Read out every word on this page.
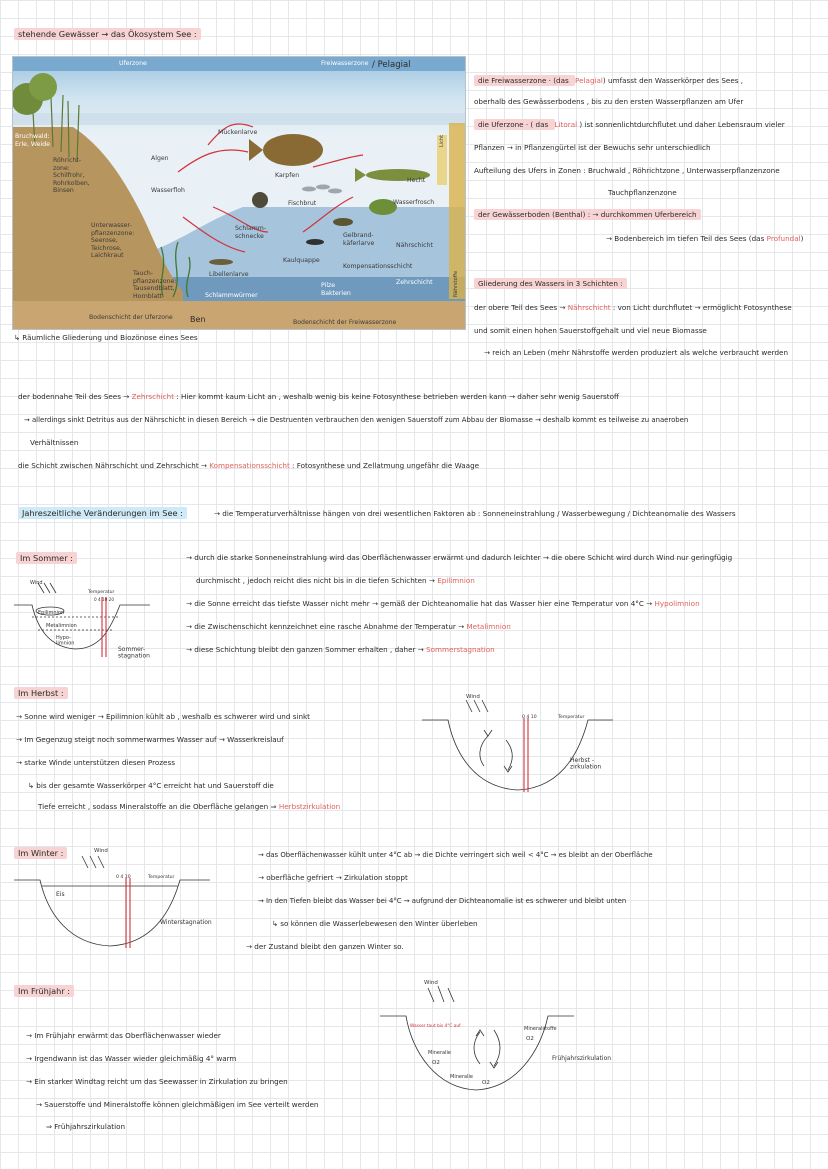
stehende Gewässer → das Ökosystem See :
Uferzone	Freiwasserzone
Bruchwald:
Erle, Weide
Röhricht-
zone:
Schilfrohr,
Rohrkolben,
Binsen
Unterwasser-
pflanzenzone:
Seerose,
Teichrose,
Laichkraut
Tauch-
pflanzenzone:
Tausendblatt,
Hornblatt
Algen
Mückenlarve
Karpfen
Hecht
Wasserfloh
Fischbrut	Wasserfrosch
Schlamm-
schnecke	Gelbrand-
käferlarve
Kaulquappe
Nährschicht
Kompensationsschicht
Zehrschicht
Libellenlarve
Pilze
Bakterien
Schlammwürmer
Bodenschicht der Uferzone
Bodenschicht der Freiwasserzone
Licht
Nährstoffe
/ Pelagial
Ben
↳ Räumliche Gliederung und Biozönose eines Sees
die Freiwasserzone · (das Pelagial) umfasst den Wasserkörper des Sees ,
oberhalb des Gewässerbodens , bis zu den ersten Wasserpflanzen am Ufer
die Uferzone · ( das Litoral ) ist sonnenlichtdurchflutet und daher Lebensraum vieler
Pflanzen → in Pflanzengürtel ist der Bewuchs sehr unterschiedlich
Aufteilung des Ufers in Zonen : Bruchwald , Röhrichtzone , Unterwasserpflanzenzone
Tauchpflanzenzone
der Gewässerboden (Benthal) : → durchkommen Uferbereich
→ Bodenbereich im tiefen Teil des Sees (das Profundal)
Gliederung des Wassers in 3 Schichten :
der obere Teil des Sees → Nährschicht : von Licht durchflutet → ermöglicht Fotosynthese
und somit einen hohen Sauerstoffgehalt und viel neue Biomasse
→ reich an Leben (mehr Nährstoffe werden produziert als welche verbraucht werden
der bodennahe Teil des Sees → Zehrschicht : Hier kommt kaum Licht an , weshalb wenig bis keine Fotosynthese betrieben werden kann → daher sehr wenig Sauerstoff
→ allerdings sinkt Detritus aus der Nährschicht in diesen Bereich → die Destruenten verbrauchen den wenigen Sauerstoff zum Abbau der Biomasse → deshalb kommt es teilweise zu anaeroben
Verhältnissen
die Schicht zwischen Nährschicht und Zehrschicht → Kompensationsschicht : Fotosynthese und Zellatmung ungefähr die Waage
Jahreszeitliche Veränderungen im See :	→ die Temperaturverhältnisse hängen von drei wesentlichen Faktoren ab : Sonneneinstrahlung / Wasserbewegung / Dichteanomalie des Wassers
Im Sommer :	→ durch die starke Sonneneinstrahlung wird das Oberflächenwasser erwärmt und dadurch leichter → die obere Schicht wird durch Wind nur geringfügig
durchmischt , jedoch reicht dies nicht bis in die tiefen Schichten → Epilimnion
→ die Sonne erreicht das tiefste Wasser nicht mehr → gemäß der Dichteanomalie hat das Wasser hier eine Temperatur von 4°C → Hypolimnion
→ die Zwischenschicht kennzeichnet eine rasche Abnahme der Temperatur → Metalimnion
→ diese Schichtung bleibt den ganzen Sommer erhalten , daher → Sommerstagnation
Wind
Temperatur
0 4 10 20
Epilimnion
Metalimnion
Hypo-limnion
Sommer-stagnation
Im Herbst :
→ Sonne wird weniger → Epilimnion kühlt ab , weshalb es schwerer wird und sinkt
→ Im Gegenzug steigt noch sommerwarmes Wasser auf → Wasserkreislauf
→ starke Winde unterstützen diesen Prozess
↳ bis der gesamte Wasserkörper 4°C erreicht hat und Sauerstoff die
Tiefe erreicht , sodass Mineralstoffe an die Oberfläche gelangen ⇒ Herbstzirkulation
Wind
0 4 10	Temperatur
Herbst -zirkulation
Im Winter :	→ das Oberflächenwasser kühlt unter 4°C ab → die Dichte verringert sich weil < 4°C → es bleibt an der Oberfläche
→ oberfläche gefriert → Zirkulation stoppt
→ In den Tiefen bleibt das Wasser bei 4°C → aufgrund der Dichteanomalie ist es schwerer und bleibt unten
↳ so können die Wasserlebewesen den Winter überleben
→ der Zustand bleibt den ganzen Winter so.
Wind
0 4 10	Temperatur
Eis
Winterstagnation
Im Frühjahr :
→ Im Frühjahr erwärmt das Oberflächenwasser wieder
→ Irgendwann ist das Wasser wieder gleichmäßig 4° warm
→ Ein starker Windtag reicht um das Seewasser in Zirkulation zu bringen
→ Sauerstoffe und Mineralstoffe können gleichmäßigen im See verteilt werden
⇒ Frühjahrszirkulation
Wind
Wasser taut bis 4°C auf	Mineralstoffe
O2
Mineralie
O2
Mineralie
O2
Frühjahrszirkulation
